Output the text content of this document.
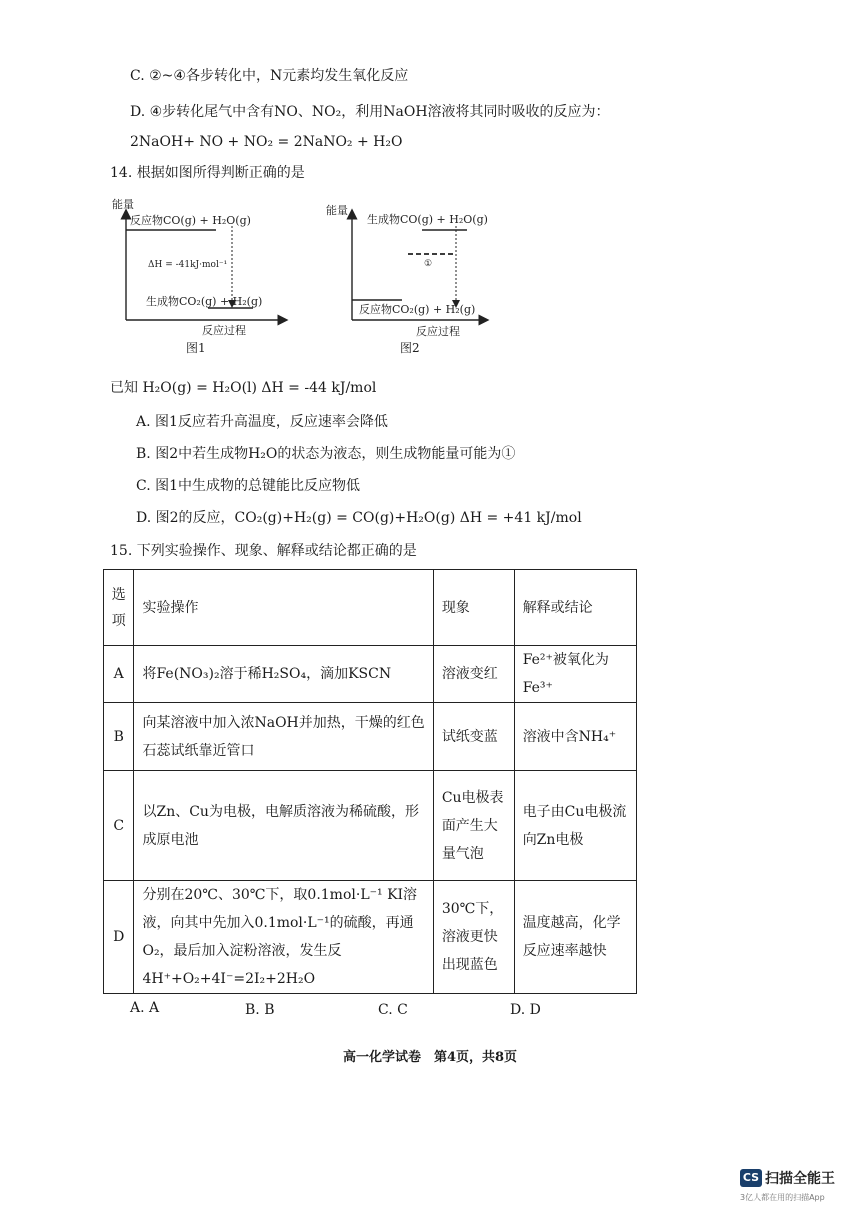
C. ②~④各步转化中，N元素均发生氧化反应
D. ④步转化尾气中含有NO、NO₂，利用NaOH溶液将其同时吸收的反应为：
2NaOH+ NO + NO₂ = 2NaNO₂ + H₂O
14. 根据如图所得判断正确的是
能量
反应物CO(g) + H₂O(g)
ΔH = -41kJ·mol⁻¹
生成物CO₂(g) + H₂(g)
反应过程
图1
能量
生成物CO(g) + H₂O(g)
①
反应物CO₂(g) + H₂(g)
反应过程
图2
已知 H₂O(g) = H₂O(l) ΔH = -44 kJ/mol
A. 图1反应若升高温度，反应速率会降低
B. 图2中若生成物H₂O的状态为液态，则生成物能量可能为①
C. 图1中生成物的总键能比反应物低
D. 图2的反应，CO₂(g)+H₂(g) = CO(g)+H₂O(g) ΔH = +41 kJ/mol
15. 下列实验操作、现象、解释或结论都正确的是
选项	实验操作	现象	解释或结论
A	将Fe(NO₃)₂溶于稀H₂SO₄，滴加KSCN	溶液变红	Fe²⁺被氧化为Fe³⁺
B	向某溶液中加入浓NaOH并加热，干燥的红色石蕊试纸靠近管口	试纸变蓝	溶液中含NH₄⁺
C	以Zn、Cu为电极，电解质溶液为稀硫酸，形成原电池	Cu电极表面产生大量气泡	电子由Cu电极流向Zn电极
D	分别在20℃、30℃下，取0.1mol·L⁻¹ KI溶液，向其中先加入0.1mol·L⁻¹的硫酸，再通O₂，最后加入淀粉溶液，发生反4H⁺+O₂+4I⁻=2I₂+2H₂O	30℃下，溶液更快出现蓝色	温度越高，化学反应速率越快
A. A	B. B	C. C	D. D
高一化学试卷　第4页，共8页
CS 扫描全能王
3亿人都在用的扫描App
